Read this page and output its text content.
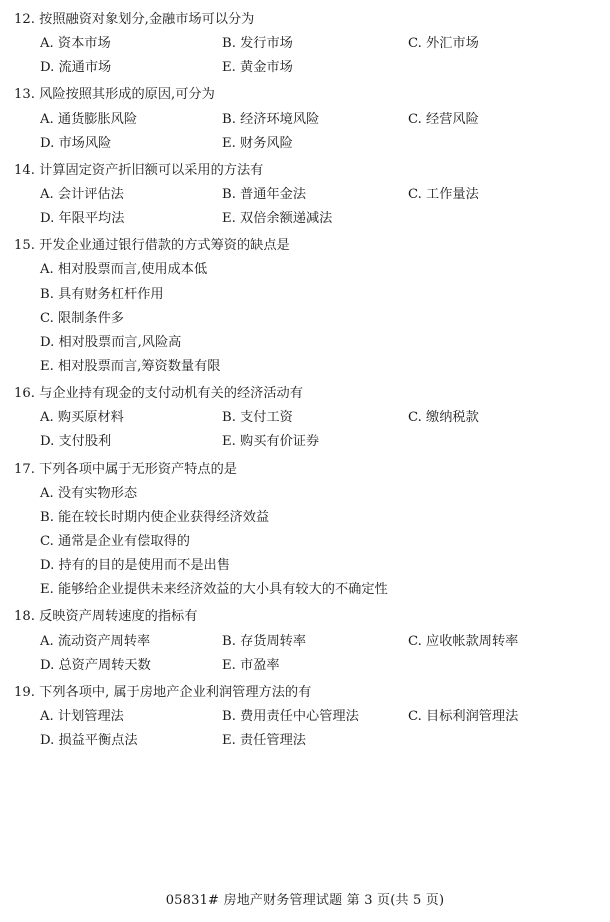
12. 按照融资对象划分,金融市场可以分为

A. 资本市场	B. 发行市场	C. 外汇市场
D. 流通市场	E. 黄金市场

13. 风险按照其形成的原因,可分为

A. 通货膨胀风险	B. 经济环境风险	C. 经营风险
D. 市场风险	E. 财务风险

14. 计算固定资产折旧额可以采用的方法有

A. 会计评估法	B. 普通年金法	C. 工作量法
D. 年限平均法	E. 双倍余额递减法

15. 开发企业通过银行借款的方式筹资的缺点是

A. 相对股票而言,使用成本低
B. 具有财务杠杆作用
C. 限制条件多
D. 相对股票而言,风险高
E. 相对股票而言,筹资数量有限

16. 与企业持有现金的支付动机有关的经济活动有

A. 购买原材料	B. 支付工资	C. 缴纳税款
D. 支付股利	E. 购买有价证券

17. 下列各项中属于无形资产特点的是

A. 没有实物形态
B. 能在较长时期内使企业获得经济效益
C. 通常是企业有偿取得的
D. 持有的目的是使用而不是出售
E. 能够给企业提供未来经济效益的大小具有较大的不确定性

18. 反映资产周转速度的指标有

A. 流动资产周转率	B. 存货周转率	C. 应收帐款周转率
D. 总资产周转天数	E. 市盈率

19. 下列各项中, 属于房地产企业利润管理方法的有

A. 计划管理法	B. 费用责任中心管理法	C. 目标利润管理法
D. 损益平衡点法	E. 责任管理法
05831# 房地产财务管理试题 第 3 页(共 5 页)
